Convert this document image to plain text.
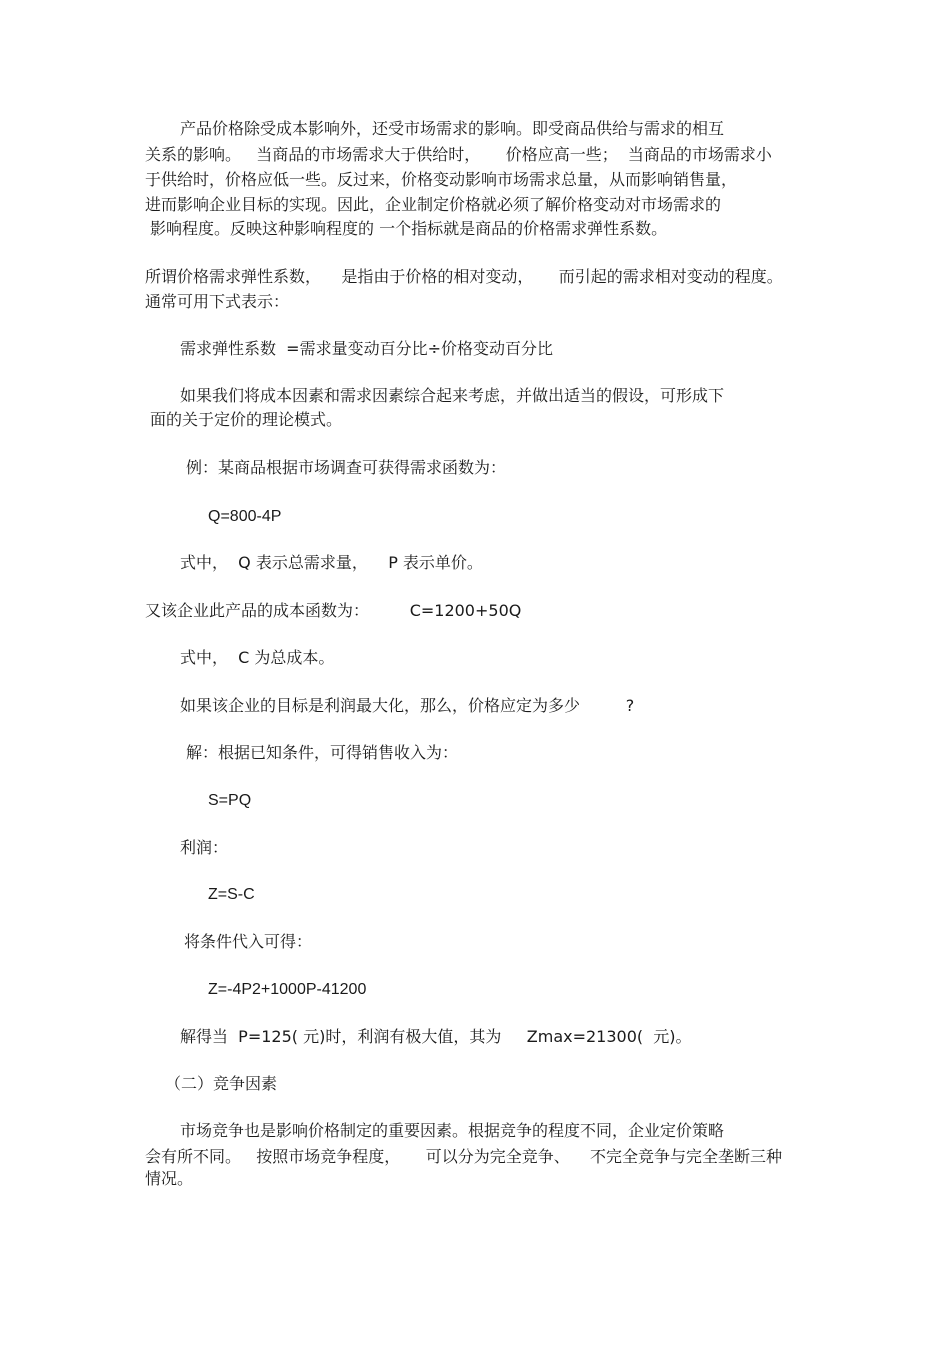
产品价格除受成本影响外，还受市场需求的影响。即受商品供给与需求的相互
关系的影响。   当商品的市场需求大于供给时，     价格应高一些；  当商品的市场需求小
于供给时，价格应低一些。反过来，价格变动影响市场需求总量，从而影响销售量，
进而影响企业目标的实现。因此，企业制定价格就必须了解价格变动对市场需求的
影响程度。反映这种影响程度的 一个指标就是商品的价格需求弹性系数。
所谓价格需求弹性系数，    是指由于价格的相对变动，     而引起的需求相对变动的程度。
通常可用下式表示：
需求弹性系数  =需求量变动百分比÷价格变动百分比
如果我们将成本因素和需求因素综合起来考虑，并做出适当的假设，可形成下
面的关于定价的理论模式。
例：某商品根据市场调查可获得需求函数为：
Q=800-4P
式中，  Q 表示总需求量，    P 表示单价。
又该企业此产品的成本函数为：        C=1200+50Q
式中，  C 为总成本。
如果该企业的目标是利润最大化，那么，价格应定为多少         ?
解：根据已知条件，可得销售收入为：
S=PQ
利润：
Z=S-C
将条件代入可得：
Z=-4P2+1000P-41200
解得当  P=125( 元)时，利润有极大值，其为     Zmax=21300(  元)。
（二）竞争因素
市场竞争也是影响价格制定的重要因素。根据竞争的程度不同，企业定价策略
会有所不同。   按照市场竞争程度，     可以分为完全竞争、    不完全竞争与完全垄断三种
情况。
